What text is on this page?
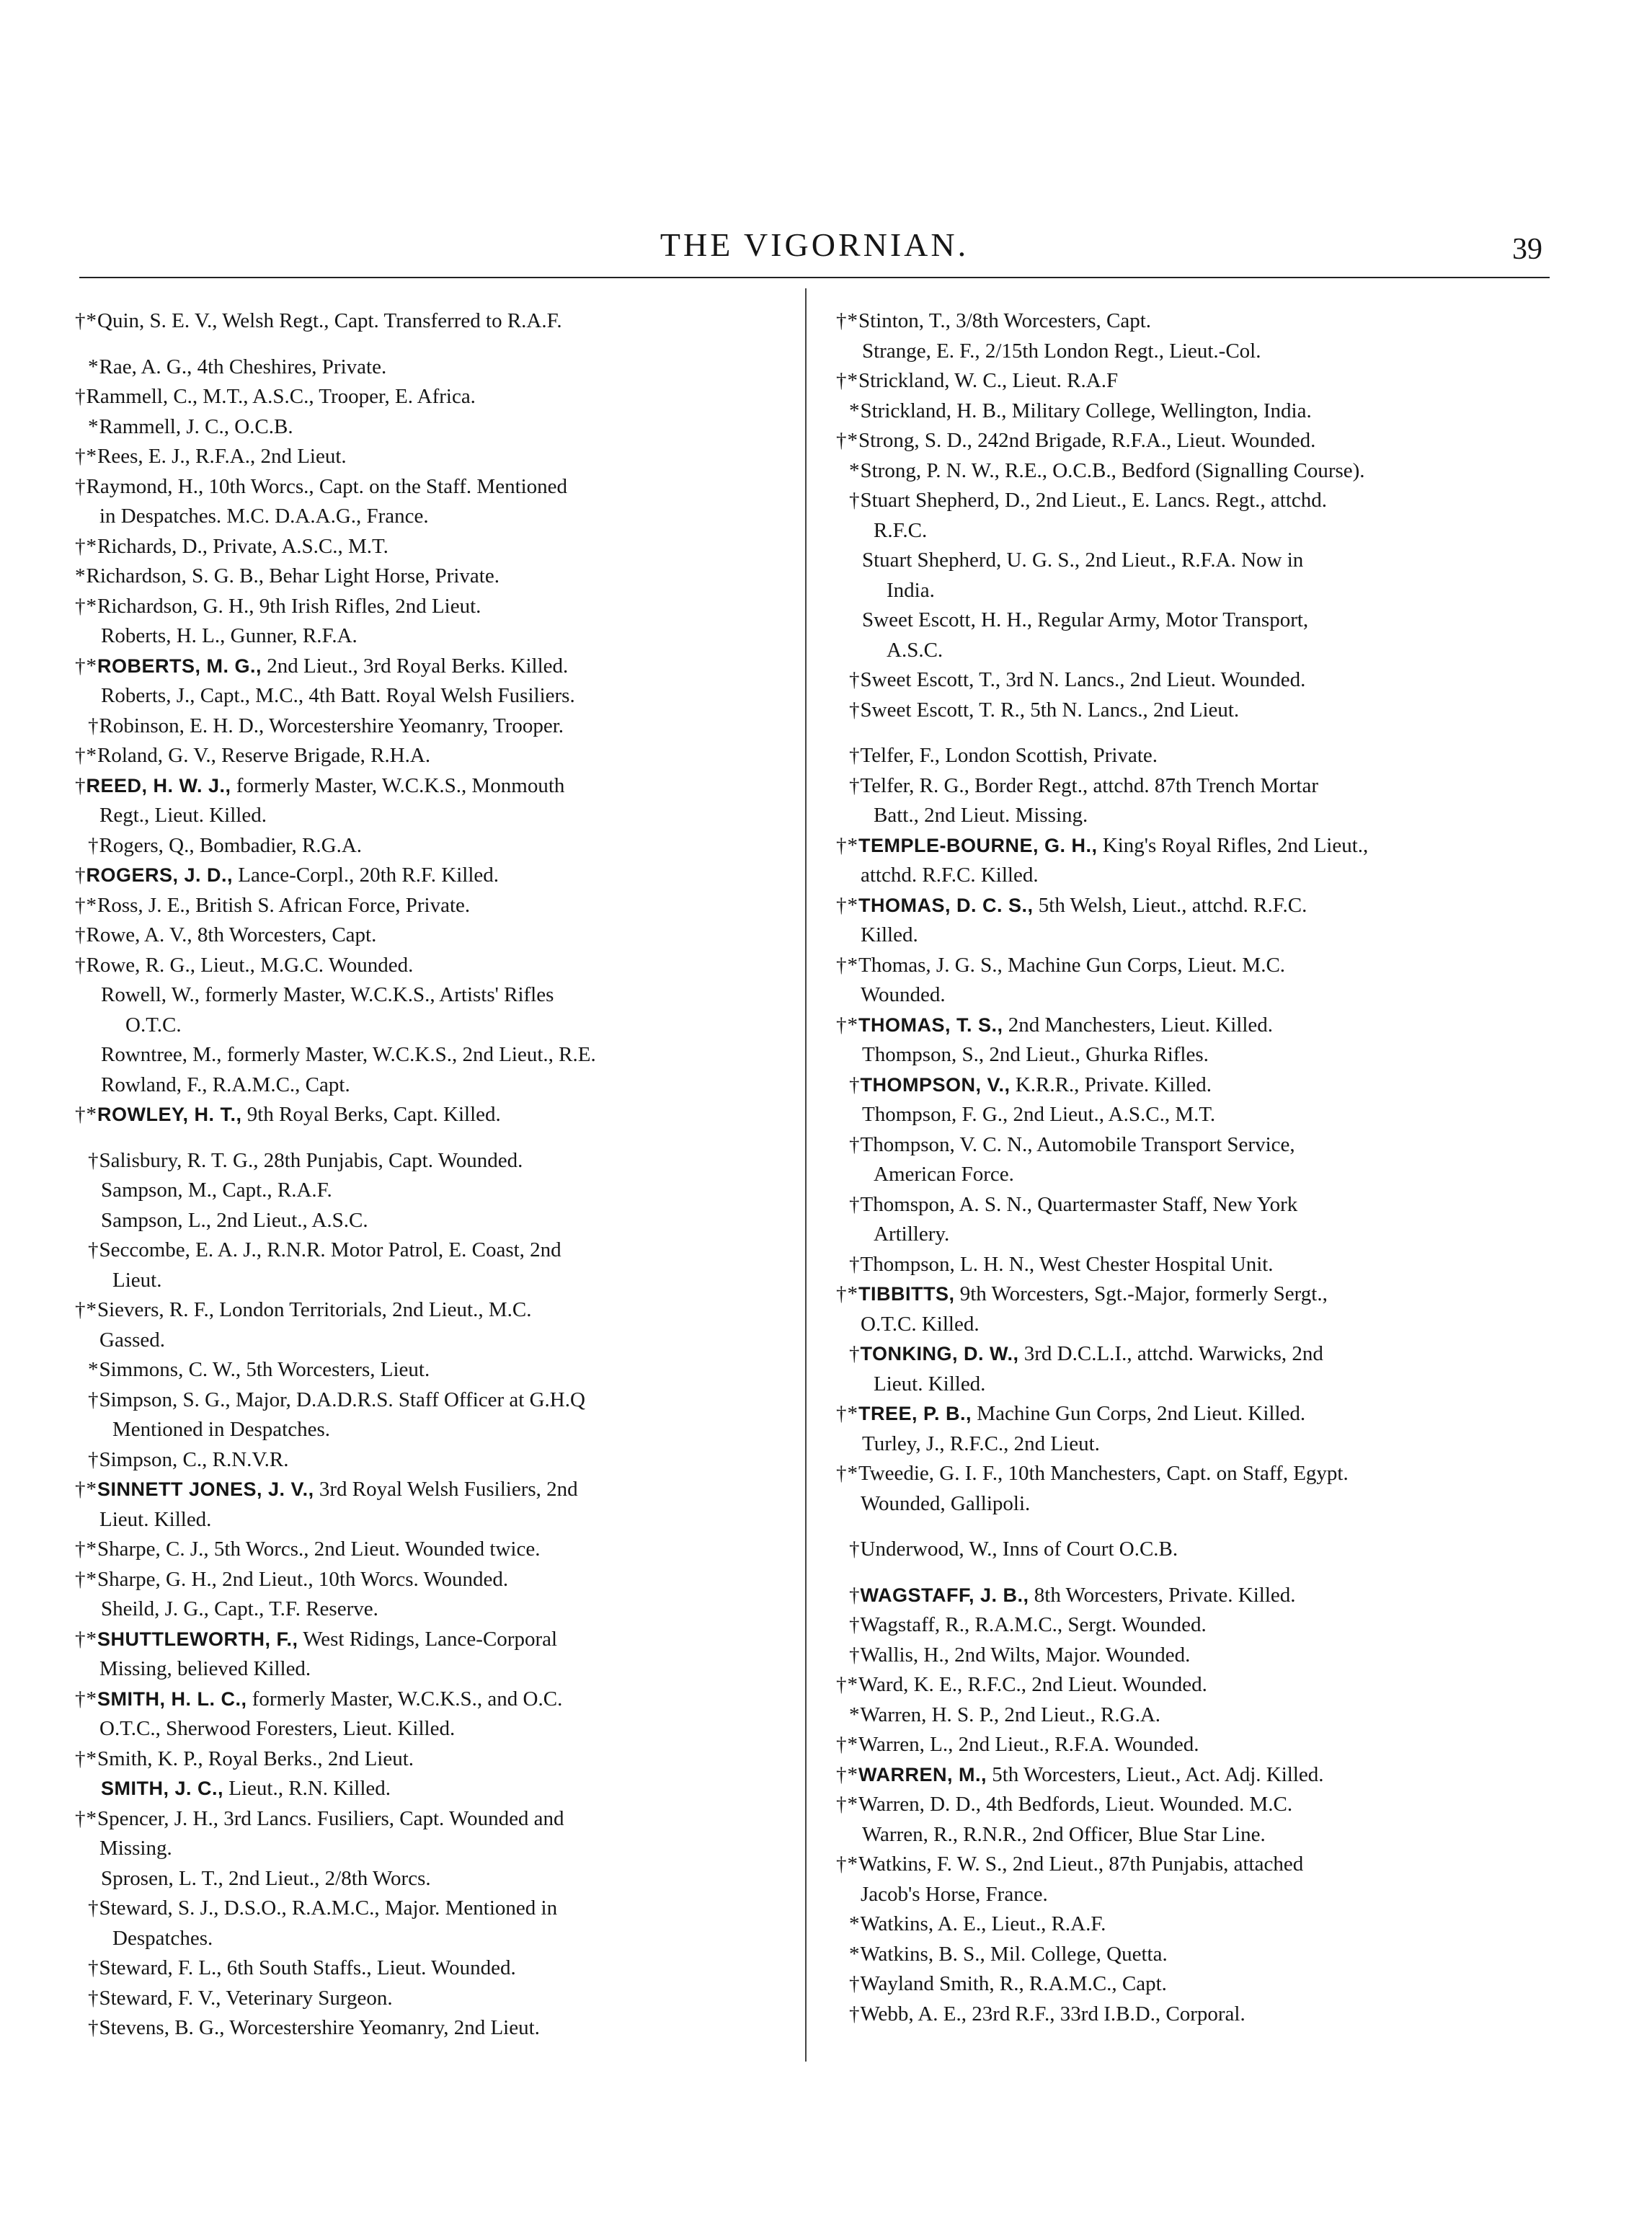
THE VIGORNIAN.	39
†*Quin, S. E. V., Welsh Regt., Capt. Transferred to R.A.F.
*Rae, A. G., 4th Cheshires, Private.
†Rammell, C., M.T., A.S.C., Trooper, E. Africa.
*Rammell, J. C., O.C.B.
†*Rees, E. J., R.F.A., 2nd Lieut.
†Raymond, H., 10th Worcs., Capt. on the Staff. Mentioned
in Despatches. M.C. D.A.A.G., France.
†*Richards, D., Private, A.S.C., M.T.
*Richardson, S. G. B., Behar Light Horse, Private.
†*Richardson, G. H., 9th Irish Rifles, 2nd Lieut.
Roberts, H. L., Gunner, R.F.A.
†*ROBERTS, M. G., 2nd Lieut., 3rd Royal Berks. Killed.
Roberts, J., Capt., M.C., 4th Batt. Royal Welsh Fusiliers.
†Robinson, E. H. D., Worcestershire Yeomanry, Trooper.
†*Roland, G. V., Reserve Brigade, R.H.A.
†REED, H. W. J., formerly Master, W.C.K.S., Monmouth
Regt., Lieut. Killed.
†Rogers, Q., Bombadier, R.G.A.
†ROGERS, J. D., Lance-Corpl., 20th R.F. Killed.
†*Ross, J. E., British S. African Force, Private.
†Rowe, A. V., 8th Worcesters, Capt.
†Rowe, R. G., Lieut., M.G.C. Wounded.
Rowell, W., formerly Master, W.C.K.S., Artists' Rifles
O.T.C.
Rowntree, M., formerly Master, W.C.K.S., 2nd Lieut., R.E.
Rowland, F., R.A.M.C., Capt.
†*ROWLEY, H. T., 9th Royal Berks, Capt. Killed.
†Salisbury, R. T. G., 28th Punjabis, Capt. Wounded.
Sampson, M., Capt., R.A.F.
Sampson, L., 2nd Lieut., A.S.C.
†Seccombe, E. A. J., R.N.R. Motor Patrol, E. Coast, 2nd
Lieut.
†*Sievers, R. F., London Territorials, 2nd Lieut., M.C.
Gassed.
*Simmons, C. W., 5th Worcesters, Lieut.
†Simpson, S. G., Major, D.A.D.R.S. Staff Officer at G.H.Q
Mentioned in Despatches.
†Simpson, C., R.N.V.R.
†*SINNETT JONES, J. V., 3rd Royal Welsh Fusiliers, 2nd
Lieut. Killed.
†*Sharpe, C. J., 5th Worcs., 2nd Lieut. Wounded twice.
†*Sharpe, G. H., 2nd Lieut., 10th Worcs. Wounded.
Sheild, J. G., Capt., T.F. Reserve.
†*SHUTTLEWORTH, F., West Ridings, Lance-Corporal
Missing, believed Killed.
†*SMITH, H. L. C., formerly Master, W.C.K.S., and O.C.
O.T.C., Sherwood Foresters, Lieut. Killed.
†*Smith, K. P., Royal Berks., 2nd Lieut.
SMITH, J. C., Lieut., R.N. Killed.
†*Spencer, J. H., 3rd Lancs. Fusiliers, Capt. Wounded and
Missing.
Sprosen, L. T., 2nd Lieut., 2/8th Worcs.
†Steward, S. J., D.S.O., R.A.M.C., Major. Mentioned in
Despatches.
†Steward, F. L., 6th South Staffs., Lieut. Wounded.
†Steward, F. V., Veterinary Surgeon.
†Stevens, B. G., Worcestershire Yeomanry, 2nd Lieut.
†*Stinton, T., 3/8th Worcesters, Capt.
Strange, E. F., 2/15th London Regt., Lieut.-Col.
†*Strickland, W. C., Lieut. R.A.F
*Strickland, H. B., Military College, Wellington, India.
†*Strong, S. D., 242nd Brigade, R.F.A., Lieut. Wounded.
*Strong, P. N. W., R.E., O.C.B., Bedford (Signalling Course).
†Stuart Shepherd, D., 2nd Lieut., E. Lancs. Regt., attchd.
R.F.C.
Stuart Shepherd, U. G. S., 2nd Lieut., R.F.A. Now in
India.
Sweet Escott, H. H., Regular Army, Motor Transport,
A.S.C.
†Sweet Escott, T., 3rd N. Lancs., 2nd Lieut. Wounded.
†Sweet Escott, T. R., 5th N. Lancs., 2nd Lieut.
†Telfer, F., London Scottish, Private.
†Telfer, R. G., Border Regt., attchd. 87th Trench Mortar
Batt., 2nd Lieut. Missing.
†*TEMPLE-BOURNE, G. H., King's Royal Rifles, 2nd Lieut.,
attchd. R.F.C. Killed.
†*THOMAS, D. C. S., 5th Welsh, Lieut., attchd. R.F.C.
Killed.
†*Thomas, J. G. S., Machine Gun Corps, Lieut. M.C.
Wounded.
†*THOMAS, T. S., 2nd Manchesters, Lieut. Killed.
Thompson, S., 2nd Lieut., Ghurka Rifles.
†THOMPSON, V., K.R.R., Private. Killed.
Thompson, F. G., 2nd Lieut., A.S.C., M.T.
†Thompson, V. C. N., Automobile Transport Service,
American Force.
†Thomspon, A. S. N., Quartermaster Staff, New York
Artillery.
†Thompson, L. H. N., West Chester Hospital Unit.
†*TIBBITTS, 9th Worcesters, Sgt.-Major, formerly Sergt.,
O.T.C. Killed.
†TONKING, D. W., 3rd D.C.L.I., attchd. Warwicks, 2nd
Lieut. Killed.
†*TREE, P. B., Machine Gun Corps, 2nd Lieut. Killed.
Turley, J., R.F.C., 2nd Lieut.
†*Tweedie, G. I. F., 10th Manchesters, Capt. on Staff, Egypt.
Wounded, Gallipoli.
†Underwood, W., Inns of Court O.C.B.
†WAGSTAFF, J. B., 8th Worcesters, Private. Killed.
†Wagstaff, R., R.A.M.C., Sergt. Wounded.
†Wallis, H., 2nd Wilts, Major. Wounded.
†*Ward, K. E., R.F.C., 2nd Lieut. Wounded.
*Warren, H. S. P., 2nd Lieut., R.G.A.
†*Warren, L., 2nd Lieut., R.F.A. Wounded.
†*WARREN, M., 5th Worcesters, Lieut., Act. Adj. Killed.
†*Warren, D. D., 4th Bedfords, Lieut. Wounded. M.C.
Warren, R., R.N.R., 2nd Officer, Blue Star Line.
†*Watkins, F. W. S., 2nd Lieut., 87th Punjabis, attached
Jacob's Horse, France.
*Watkins, A. E., Lieut., R.A.F.
*Watkins, B. S., Mil. College, Quetta.
†Wayland Smith, R., R.A.M.C., Capt.
†Webb, A. E., 23rd R.F., 33rd I.B.D., Corporal.
